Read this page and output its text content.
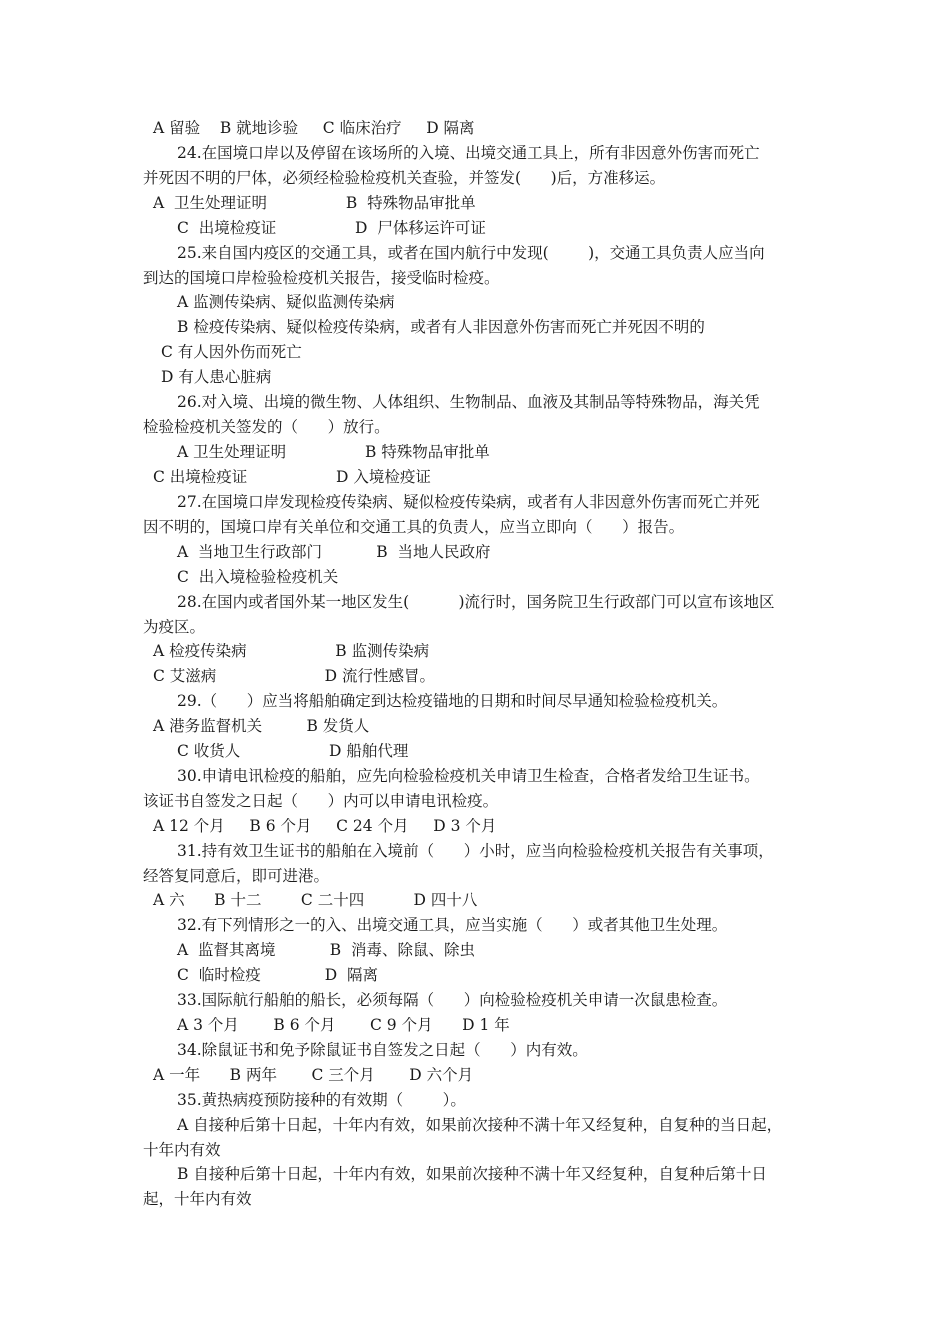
A 留验    B 就地诊验     C 临床治疗     D 隔离
24.在国境口岸以及停留在该场所的入境、出境交通工具上，所有非因意外伤害而死亡
并死因不明的尸体，必须经检验检疫机关查验，并签发(      )后，方准移运。
A  卫生处理证明                B  特殊物品审批单
C  出境检疫证                D  尸体移运许可证
25.来自国内疫区的交通工具，或者在国内航行中发现(        )，交通工具负责人应当向
到达的国境口岸检验检疫机关报告，接受临时检疫。
A 监测传染病、疑似监测传染病
B 检疫传染病、疑似检疫传染病，或者有人非因意外伤害而死亡并死因不明的
C 有人因外伤而死亡
D 有人患心脏病
26.对入境、出境的微生物、人体组织、生物制品、血液及其制品等特殊物品，海关凭
检验检疫机关签发的（      ）放行。
A 卫生处理证明                B 特殊物品审批单
C 出境检疫证                  D 入境检疫证
27.在国境口岸发现检疫传染病、疑似检疫传染病，或者有人非因意外伤害而死亡并死
因不明的，国境口岸有关单位和交通工具的负责人，应当立即向（      ）报告。
A  当地卫生行政部门           B  当地人民政府
C  出入境检验检疫机关
28.在国内或者国外某一地区发生(          )流行时，国务院卫生行政部门可以宣布该地区
为疫区。
A 检疫传染病                  B 监测传染病
C 艾滋病                      D 流行性感冒。
29.（      ）应当将船舶确定到达检疫锚地的日期和时间尽早通知检验检疫机关。
A 港务监督机关         B 发货人
C 收货人                  D 船舶代理
30.申请电讯检疫的船舶，应先向检验检疫机关申请卫生检查，合格者发给卫生证书。
该证书自签发之日起（      ）内可以申请电讯检疫。
A 12 个月     B 6 个月     C 24 个月     D 3 个月
31.持有效卫生证书的船舶在入境前（      ）小时，应当向检验检疫机关报告有关事项，
经答复同意后，即可进港。
A 六      B 十二        C 二十四          D 四十八
32.有下列情形之一的入、出境交通工具，应当实施（      ）或者其他卫生处理。
A  监督其离境           B  消毒、除鼠、除虫
C  临时检疫             D  隔离
33.国际航行船舶的船长，必须每隔（      ）向检验检疫机关申请一次鼠患检查。
A 3 个月       B 6 个月       C 9 个月      D 1 年
34.除鼠证书和免予除鼠证书自签发之日起（      ）内有效。
A 一年      B 两年       C 三个月       D 六个月
35.黄热病疫预防接种的有效期（        ）。
A 自接种后第十日起，十年内有效，如果前次接种不满十年又经复种，自复种的当日起，
十年内有效
B 自接种后第十日起，十年内有效，如果前次接种不满十年又经复种，自复种后第十日
起，十年内有效
